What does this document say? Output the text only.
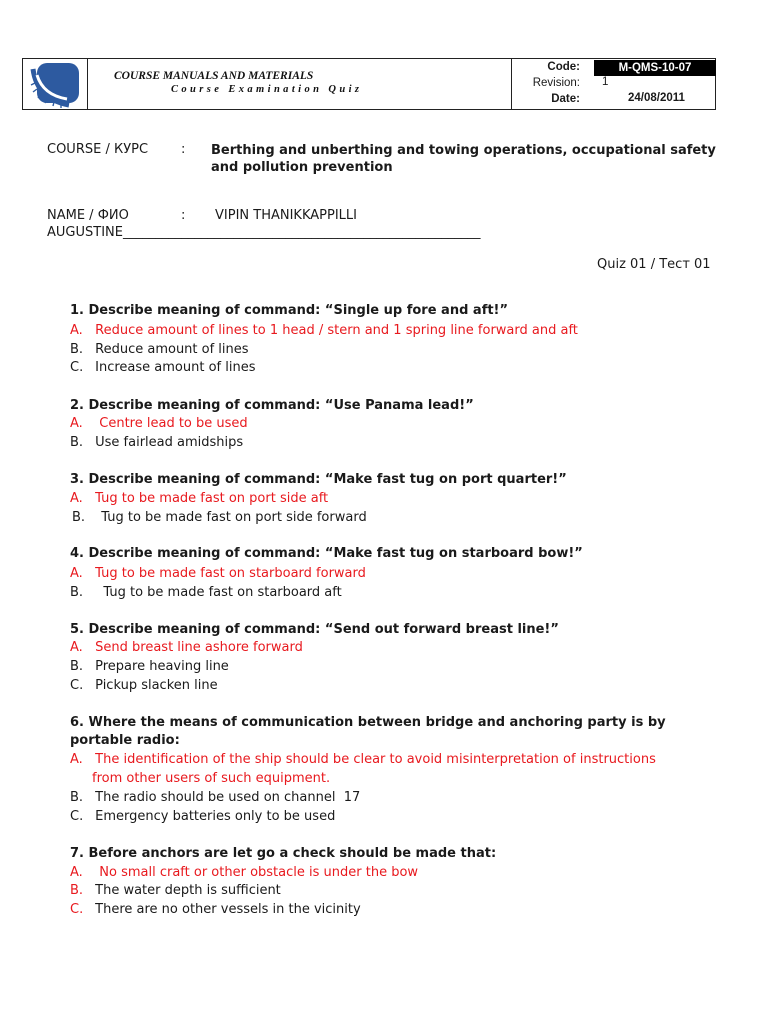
COURSE MANUALS AND MATERIALS
Course Examination Quiz
Code:	M-QMS-10-07
Revision:	1
Date:	24/08/2011
COURSE / КУРС	: Berthing and unberthing and towing operations, occupational safety and pollution prevention
NAME / ФИО	: VIPIN THANIKKAPPILLI
AUGUSTINE_______________________________________________________
Quiz 01 / Тест 01
1. Describe meaning of command: “Single up fore and aft!”
A. Reduce amount of lines to 1 head / stern and 1 spring line forward and aft
B. Reduce amount of lines
C. Increase amount of lines
2. Describe meaning of command: “Use Panama lead!”
A.  Centre lead to be used
B. Use fairlead amidships
3. Describe meaning of command: “Make fast tug on port quarter!”
A. Tug to be made fast on port side aft
B.  Tug to be made fast on port side forward
4. Describe meaning of command: “Make fast tug on starboard bow!”
A. Tug to be made fast on starboard forward
B.   Tug to be made fast on starboard aft
5. Describe meaning of command: “Send out forward breast line!”
A. Send breast line ashore forward
B. Prepare heaving line
C. Pickup slacken line
6. Where the means of communication between bridge and anchoring party is by
portable radio:
A. The identification of the ship should be clear to avoid misinterpretation of instructions
from other users of such equipment.
B. The radio should be used on channel  17
C. Emergency batteries only to be used
7. Before anchors are let go a check should be made that:
A.  No small craft or other obstacle is under the bow
B. The water depth is sufficient
C. There are no other vessels in the vicinity
